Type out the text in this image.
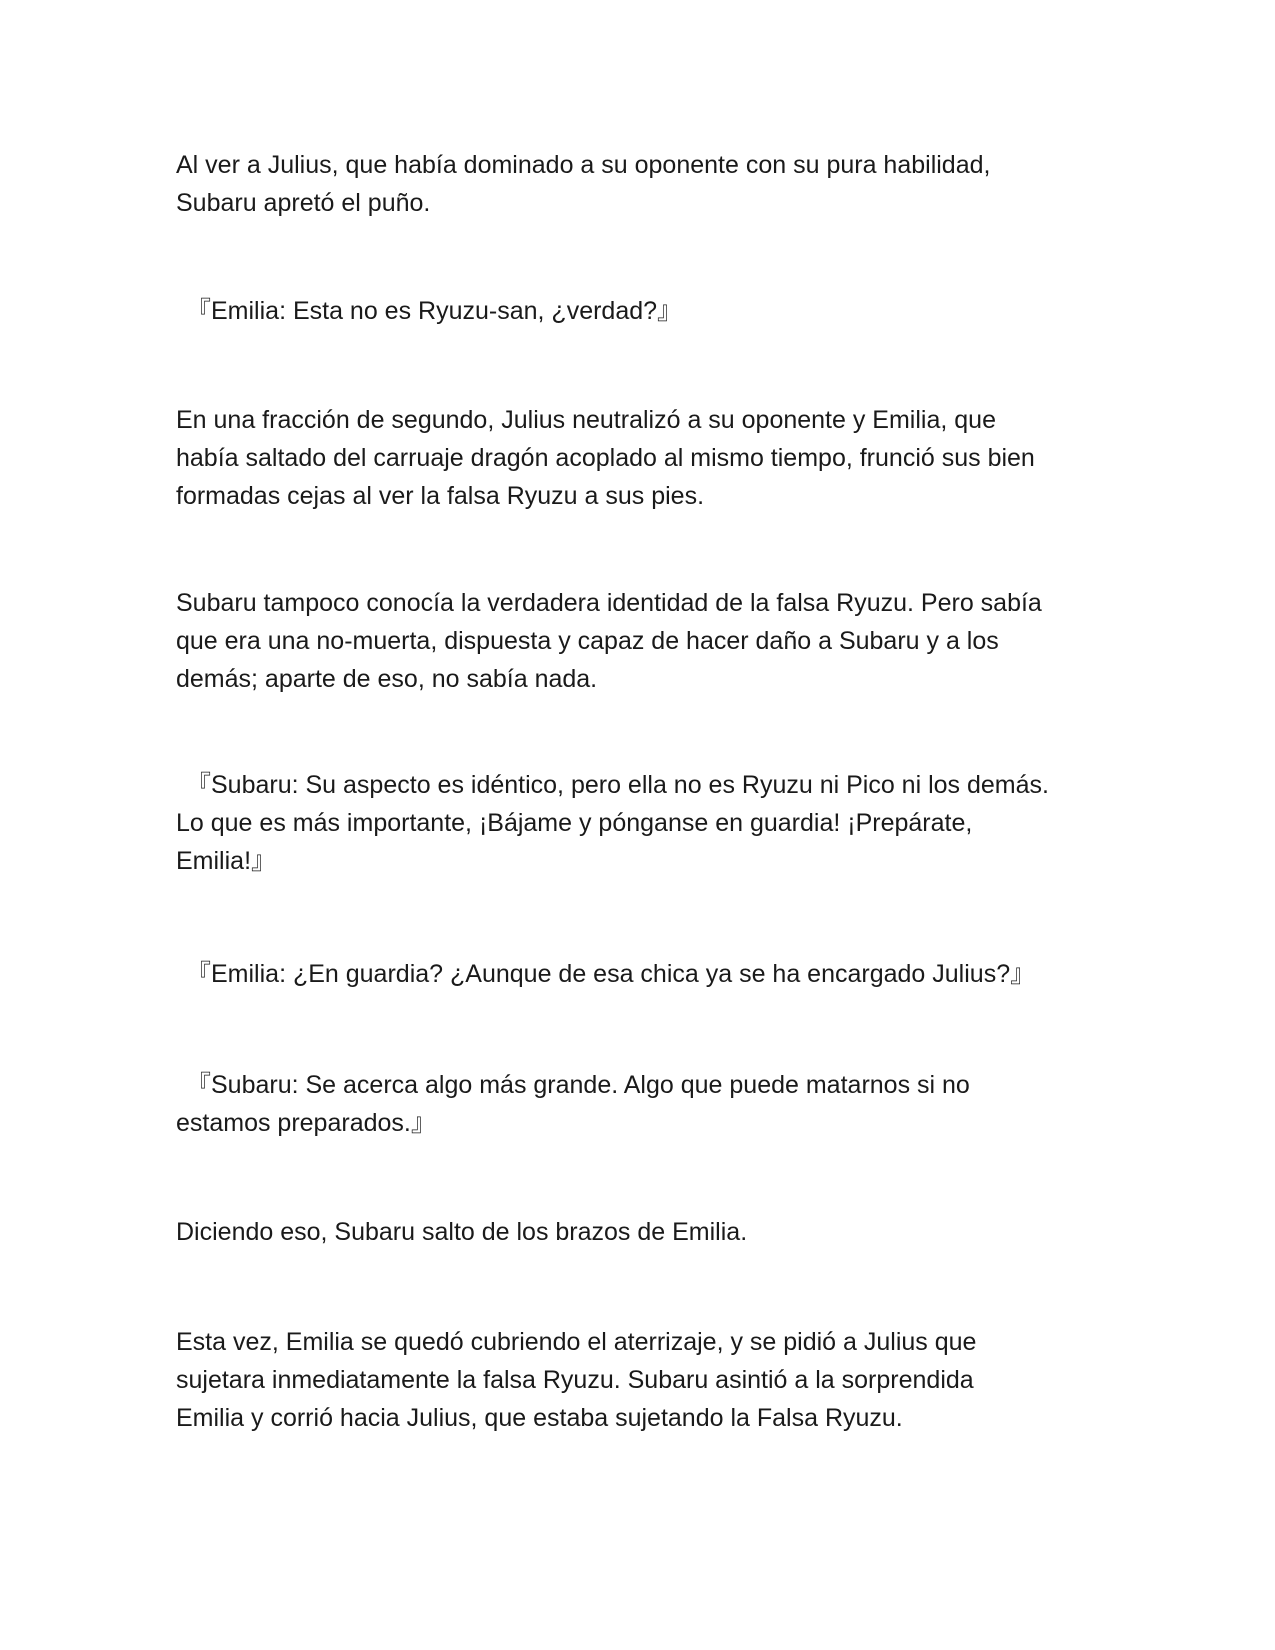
Al ver a Julius, que había dominado a su oponente con su pura habilidad,
Subaru apretó el puño.

『Emilia: Esta no es Ryuzu-san, ¿verdad?』

En una fracción de segundo, Julius neutralizó a su oponente y Emilia, que
había saltado del carruaje dragón acoplado al mismo tiempo, frunció sus bien
formadas cejas al ver la falsa Ryuzu a sus pies.

Subaru tampoco conocía la verdadera identidad de la falsa Ryuzu. Pero sabía
que era una no-muerta, dispuesta y capaz de hacer daño a Subaru y a los
demás; aparte de eso, no sabía nada.

『Subaru: Su aspecto es idéntico, pero ella no es Ryuzu ni Pico ni los demás.
Lo que es más importante, ¡Bájame y pónganse en guardia! ¡Prepárate,
Emilia!』

『Emilia: ¿En guardia? ¿Aunque de esa chica ya se ha encargado Julius?』

『Subaru: Se acerca algo más grande. Algo que puede matarnos si no
estamos preparados.』

Diciendo eso, Subaru salto de los brazos de Emilia.

Esta vez, Emilia se quedó cubriendo el aterrizaje, y se pidió a Julius que
sujetara inmediatamente la falsa Ryuzu. Subaru asintió a la sorprendida
Emilia y corrió hacia Julius, que estaba sujetando la Falsa Ryuzu.
